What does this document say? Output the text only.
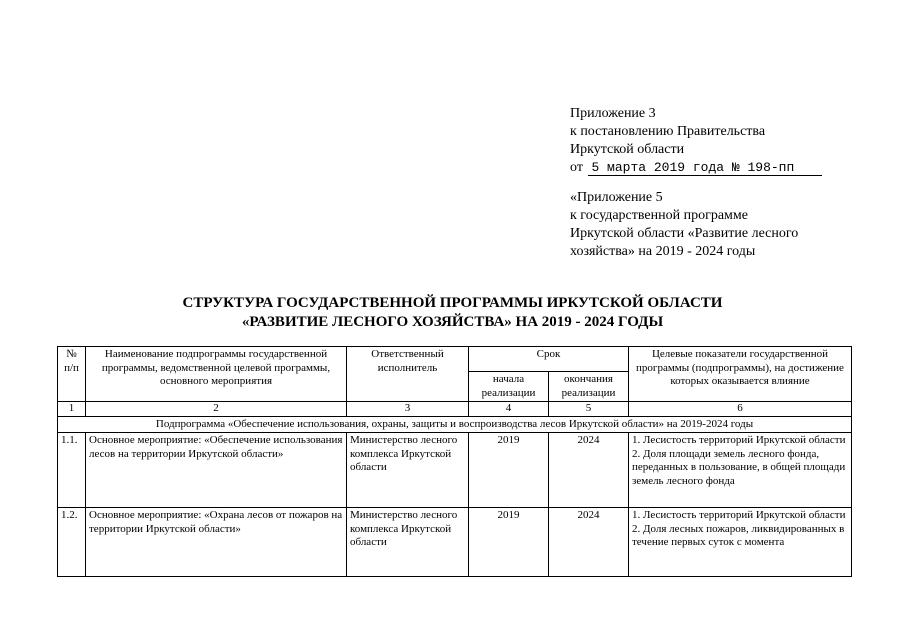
Приложение 3
к постановлению Правительства
Иркутской области
от 5 марта 2019 года № 198-пп
«Приложение 5
к государственной программе
Иркутской области «Развитие лесного
хозяйства» на 2019 - 2024 годы
СТРУКТУРА ГОСУДАРСТВЕННОЙ ПРОГРАММЫ ИРКУТСКОЙ ОБЛАСТИ
«РАЗВИТИЕ ЛЕСНОГО ХОЗЯЙСТВА» НА 2019 - 2024 ГОДЫ
№ п/п	Наименование подпрограммы государственной программы, ведомственной целевой программы, основного мероприятия	Ответственный исполнитель	Срок		Целевые показатели государственной программы (подпрограммы), на достижение которых оказывается влияние
			начала реализации	окончания реализации	
1	2	3	4	5	6
Подпрограмма «Обеспечение использования, охраны, защиты и воспроизводства лесов Иркутской области» на 2019-2024 годы					
1.1.	Основное мероприятие: «Обеспечение использования лесов на территории Иркутской области»	Министерство лесного комплекса Иркутской области	2019	2024	1. Лесистость территорий Иркутской области
2. Доля площади земель лесного фонда, переданных в пользование, в общей площади земель лесного фонда

1.2.	Основное мероприятие: «Охрана лесов от пожаров на территории Иркутской области»	Министерство лесного комплекса Иркутской области	2019	2024	1. Лесистость территорий Иркутской области
2. Доля лесных пожаров, ликвидированных в течение первых суток с момента
